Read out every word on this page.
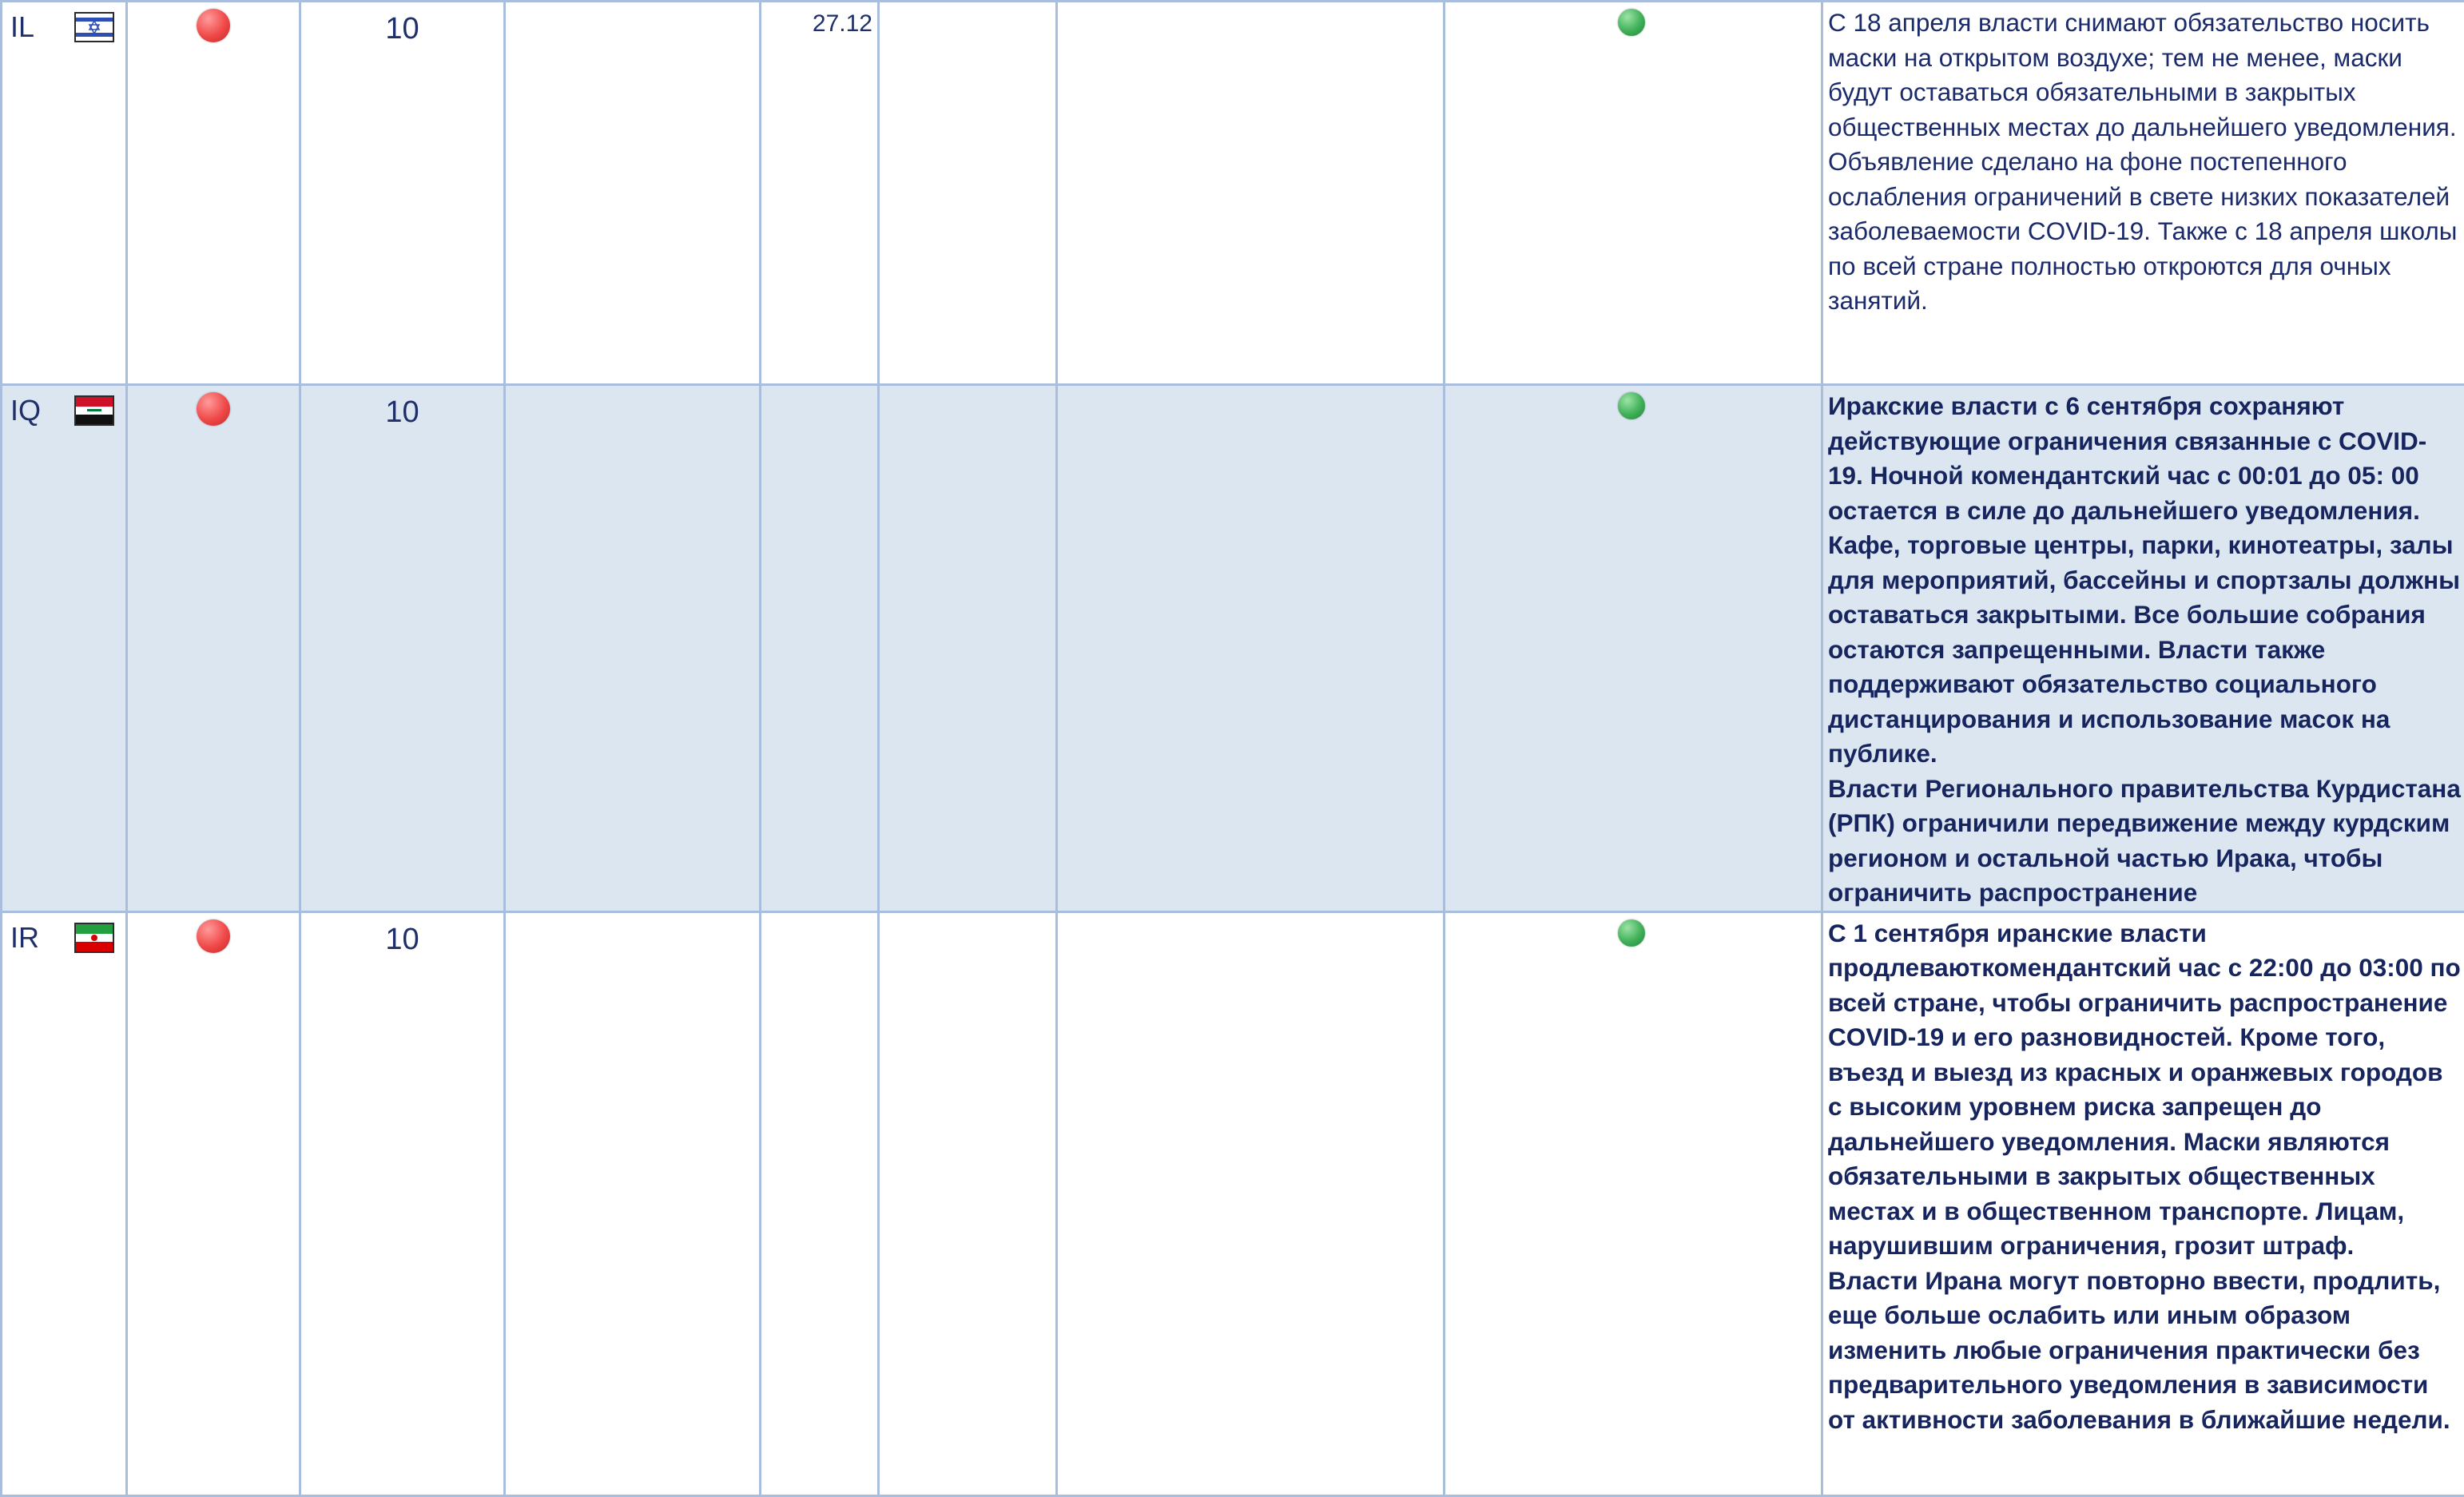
IL		10		27.12				С 18 апреля власти снимают обязательство носить маски на открытом воздухе; тем не менее, маски будут оставаться обязательными в закрытых общественных местах до дальнейшего уведомления. Объявление сделано на фоне постепенного ослабления ограничений в свете низких показателей заболеваемости COVID-19. Также с 18 апреля школы по всей стране полностью откроются для очных занятий.

IQ		10						Иракские власти с 6 сентября сохраняют действующие ограничения связанные с COVID-19. Ночной комендантский час с 00:01 до 05: 00 остается в силе до дальнейшего уведомления. Кафе, торговые центры, парки, кинотеатры, залы для мероприятий, бассейны и спортзалы должны оставаться закрытыми. Все большие собрания остаются запрещенными. Власти также поддерживают обязательство социального дистанцирования и использование масок на публике.

Власти Регионального правительства Курдистана (РПК) ограничили передвижение между курдским регионом и остальной частью Ирака, чтобы ограничить распространение

IR		10						С 1 сентября иранские власти продлеваюткомендантский час с 22:00 до 03:00 по всей стране, чтобы ограничить распространение COVID-19 и его разновидностей. Кроме того, въезд и выезд из красных и оранжевых городов с высоким уровнем риска запрещен до дальнейшего уведомления. Маски являются обязательными в закрытых общественных местах и в общественном транспорте. Лицам, нарушившим ограничения, грозит штраф.

Власти Ирана могут повторно ввести, продлить, еще больше ослабить или иным образом изменить любые ограничения практически без предварительного уведомления в зависимости от активности заболевания в ближайшие недели.
